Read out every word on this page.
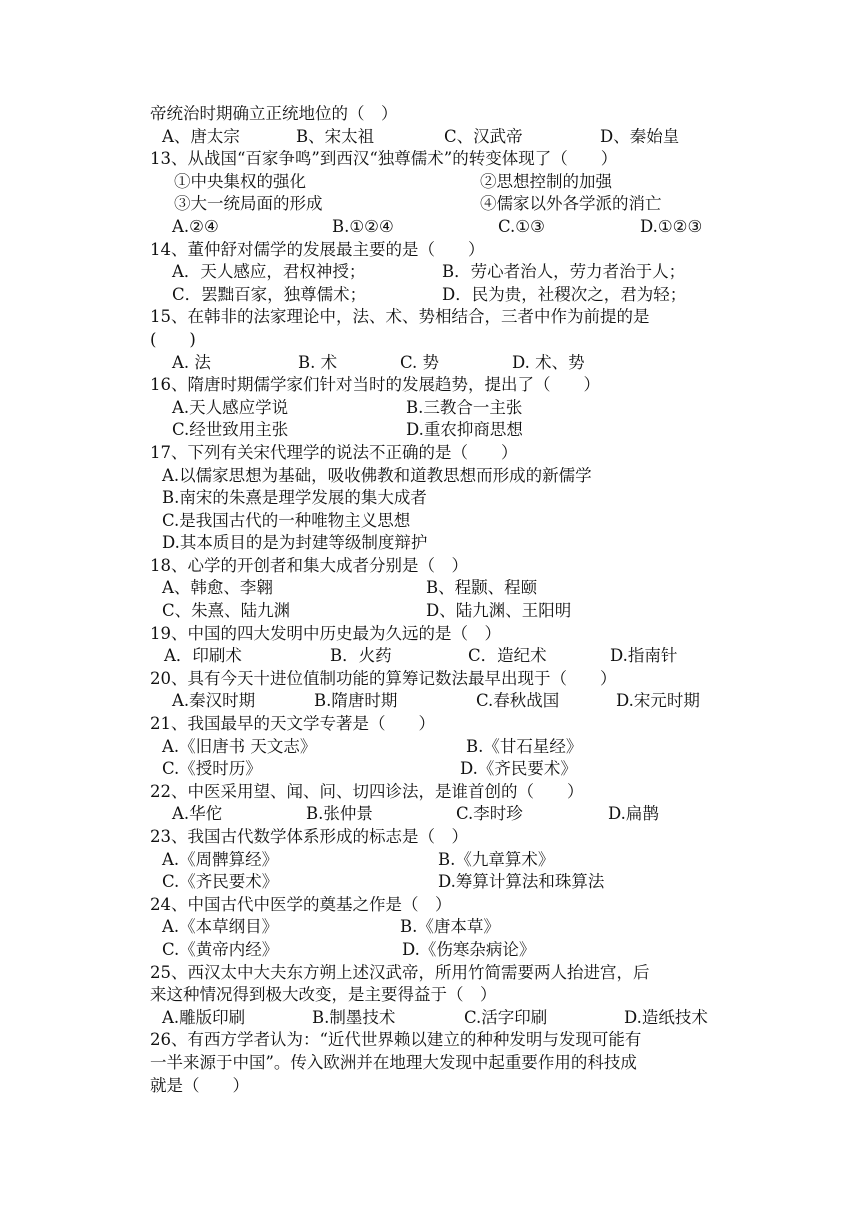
帝统治时期确立正统地位的（　）
A、唐太宗	B、宋太祖	C、汉武帝	D、秦始皇
13、从战国“百家争鸣”到西汉“独尊儒术”的转变体现了（　　）
①中央集权的强化	②思想控制的加强
③大一统局面的形成	④儒家以外各学派的消亡
A.②④	B.①②④	C.①③	D.①②③
14、董仲舒对儒学的发展最主要的是（　　）
A．天人感应，君权神授；	B．劳心者治人，劳力者治于人；
C．罢黜百家，独尊儒术；	D．民为贵，社稷次之，君为轻；
15、在韩非的法家理论中，法、术、势相结合，三者中作为前提的是
(　　)
A. 法	B. 术	C. 势	D. 术、势
16、隋唐时期儒学家们针对当时的发展趋势，提出了（　　）
A.天人感应学说	B.三教合一主张
C.经世致用主张	D.重农抑商思想
17、下列有关宋代理学的说法不正确的是（　　）
A.以儒家思想为基础，吸收佛教和道教思想而形成的新儒学
B.南宋的朱熹是理学发展的集大成者
C.是我国古代的一种唯物主义思想
D.其本质目的是为封建等级制度辩护
18、心学的开创者和集大成者分别是（　）
A、韩愈、李翱	B、程颢、程颐
C、朱熹、陆九渊	D、陆九渊、王阳明
19、中国的四大发明中历史最为久远的是（　）
A．印刷术	B．火药	C．造纪术	D.指南针
20、具有今天十进位值制功能的算筹记数法最早出现于（　　）
A.秦汉时期	B.隋唐时期	C.春秋战国	D.宋元时期
21、我国最早的天文学专著是（　　）
A.《旧唐书 天文志》	B.《甘石星经》
C.《授时历》	D.《齐民要术》
22、中医采用望、闻、问、切四诊法，是谁首创的（　　）
A.华佗	B.张仲景	C.李时珍	D.扁鹊
23、我国古代数学体系形成的标志是（　）
A.《周髀算经》	B.《九章算术》
C.《齐民要术》	D.筹算计算法和珠算法
24、中国古代中医学的奠基之作是（　）
A.《本草纲目》	B.《唐本草》
C.《黄帝内经》	D.《伤寒杂病论》
25、西汉太中大夫东方朔上述汉武帝，所用竹简需要两人抬进宫，后
来这种情况得到极大改变，是主要得益于（　）
A.雕版印刷	B.制墨技术	C.活字印刷	D.造纸技术
26、有西方学者认为：“近代世界赖以建立的种种发明与发现可能有
一半来源于中国”。传入欧洲并在地理大发现中起重要作用的科技成
就是（　　）
